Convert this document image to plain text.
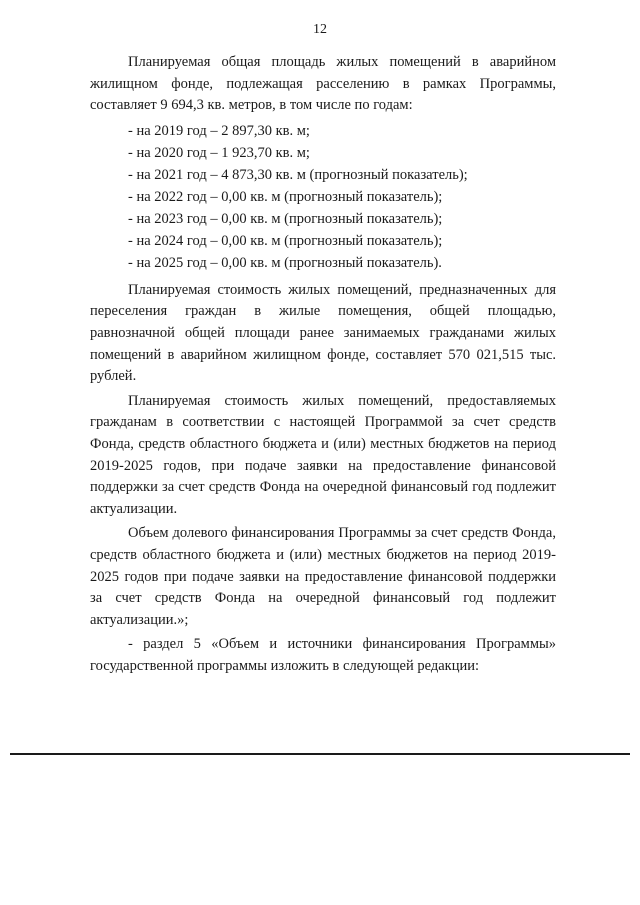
12

Планируемая общая площадь жилых помещений в аварийном жилищном фонде, подлежащая расселению в рамках Программы, составляет 9 694,3 кв. метров, в том числе по годам:

- на 2019 год – 2 897,30 кв. м;
- на 2020 год – 1 923,70 кв. м;
- на 2021 год – 4 873,30 кв. м (прогнозный показатель);
- на 2022 год – 0,00 кв. м (прогнозный показатель);
- на 2023 год – 0,00 кв. м (прогнозный показатель);
- на 2024 год – 0,00 кв. м (прогнозный показатель);
- на 2025 год – 0,00 кв. м (прогнозный показатель).

Планируемая стоимость жилых помещений, предназначенных для переселения граждан в жилые помещения, общей площадью, равнозначной общей площади ранее занимаемых гражданами жилых помещений в аварийном жилищном фонде, составляет 570 021,515 тыс. рублей.

Планируемая стоимость жилых помещений, предоставляемых гражданам в соответствии с настоящей Программой за счет средств Фонда, средств областного бюджета и (или) местных бюджетов на период 2019-2025 годов, при подаче заявки на предоставление финансовой поддержки за счет средств Фонда на очередной финансовый год подлежит актуализации.

Объем долевого финансирования Программы за счет средств Фонда, средств областного бюджета и (или) местных бюджетов на период 2019-2025 годов при подаче заявки на предоставление финансовой поддержки за счет средств Фонда на очередной финансовый год подлежит актуализации.»;

- раздел 5 «Объем и источники финансирования Программы» государственной программы изложить в следующей редакции:
